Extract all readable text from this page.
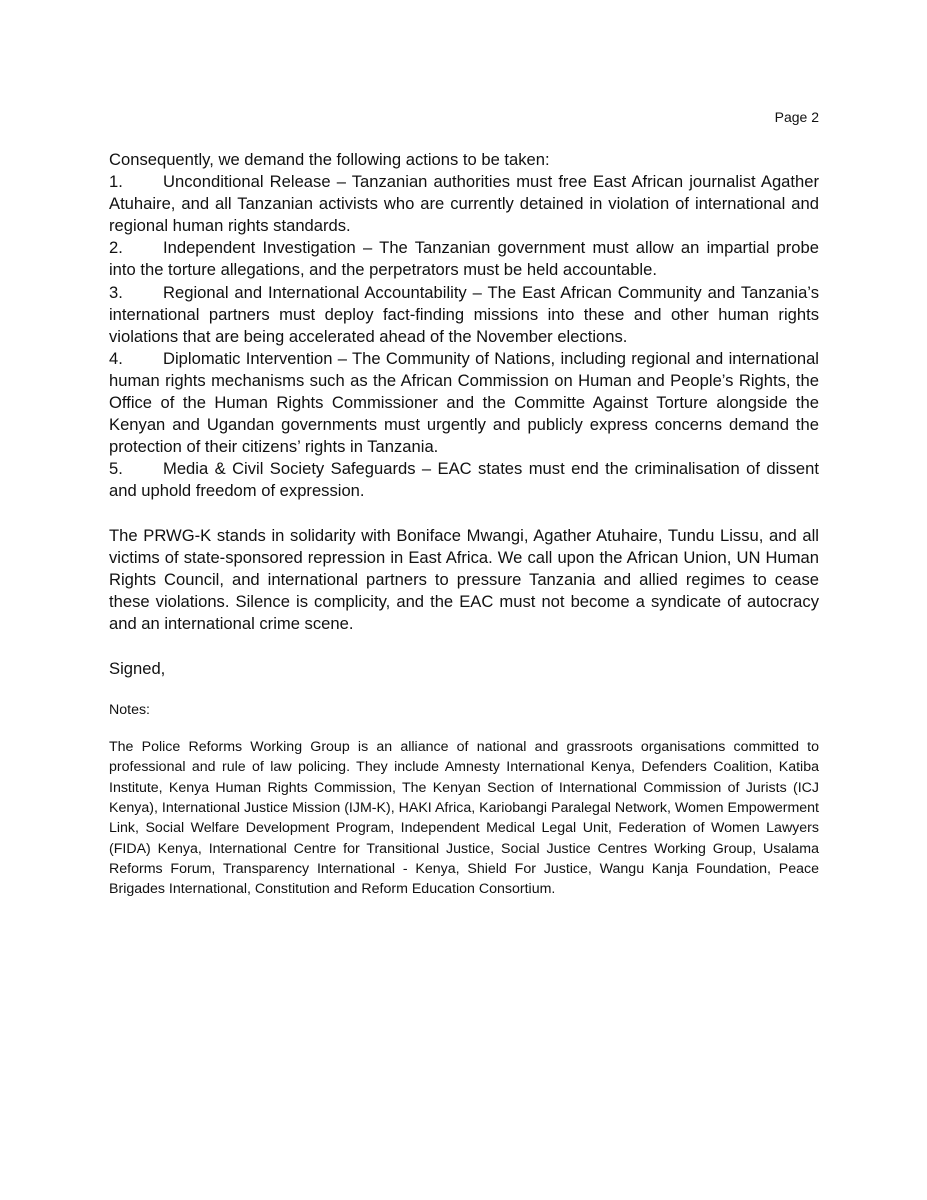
Page 2

Consequently, we demand the following actions to be taken:

1. Unconditional Release – Tanzanian authorities must free East African journalist Agather Atuhaire, and all Tanzanian activists who are currently detained in violation of international and regional human rights standards.
2. Independent Investigation – The Tanzanian government must allow an impartial probe into the torture allegations, and the perpetrators must be held accountable.
3. Regional and International Accountability – The East African Community and Tanzania’s international partners must deploy fact-finding missions into these and other human rights violations that are being accelerated ahead of the November elections.
4. Diplomatic Intervention – The Community of Nations, including regional and international human rights mechanisms such as the African Commission on Human and People’s Rights, the Office of the Human Rights Commissioner and the Committe Against Torture alongside the Kenyan and Ugandan governments must urgently and publicly express concerns demand the protection of their citizens’ rights in Tanzania.
5. Media & Civil Society Safeguards – EAC states must end the criminalisation of dissent and uphold freedom of expression.

The PRWG-K stands in solidarity with Boniface Mwangi, Agather Atuhaire, Tundu Lissu, and all victims of state-sponsored repression in East Africa. We call upon the African Union, UN Human Rights Council, and international partners to pressure Tanzania and allied regimes to cease these violations. Silence is complicity, and the EAC must not become a syndicate of autocracy and an international crime scene.

Signed,

Notes:

The Police Reforms Working Group is an alliance of national and grassroots organisations committed to professional and rule of law policing. They include Amnesty International Kenya, Defenders Coalition, Katiba Institute, Kenya Human Rights Commission, The Kenyan Section of International Commission of Jurists (ICJ Kenya), International Justice Mission (IJM-K), HAKI Africa, Kariobangi Paralegal Network, Women Empowerment Link, Social Welfare Development Program, Independent Medical Legal Unit, Federation of Women Lawyers (FIDA) Kenya, International Centre for Transitional Justice, Social Justice Centres Working Group, Usalama Reforms Forum, Transparency International - Kenya, Shield For Justice, Wangu Kanja Foundation, Peace Brigades International, Constitution and Reform Education Consortium.
